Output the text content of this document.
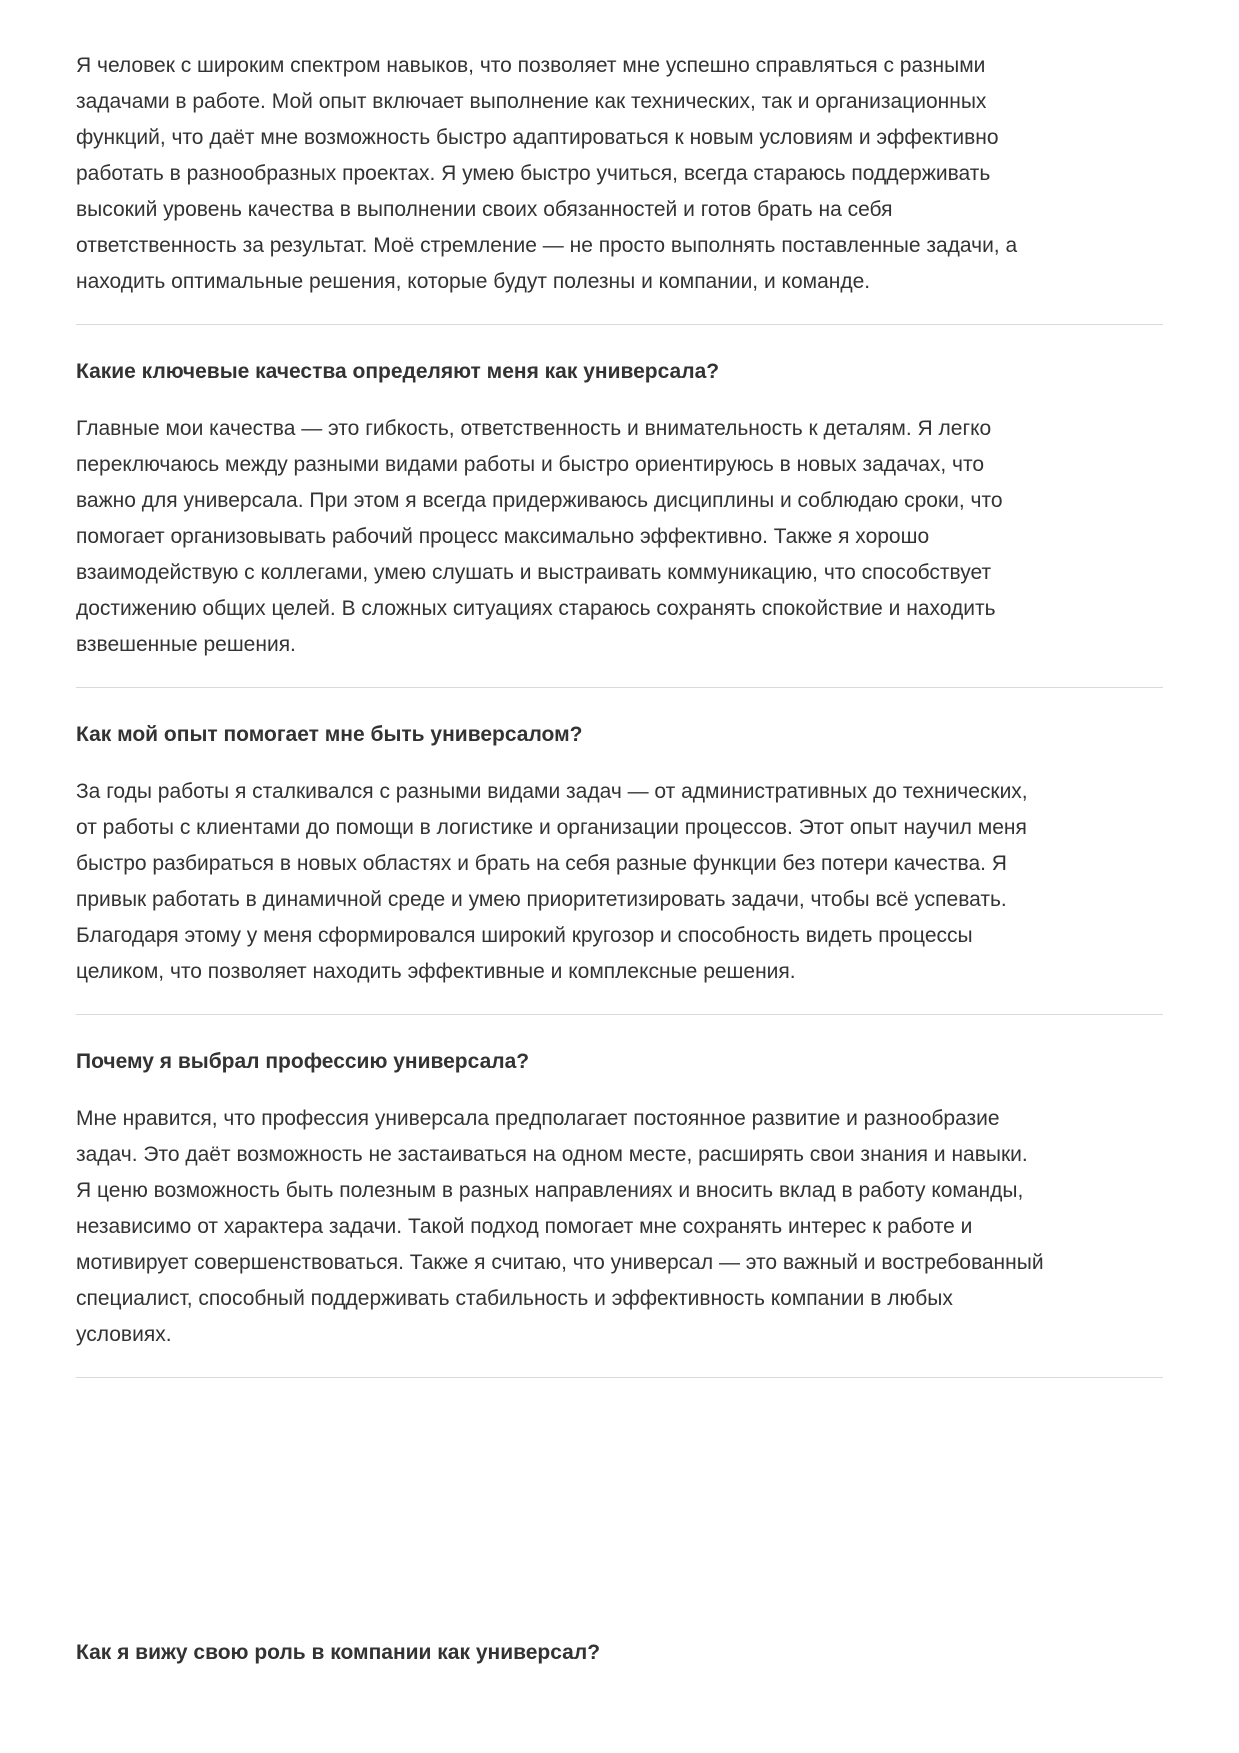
Я человек с широким спектром навыков, что позволяет мне успешно справляться с разными задачами в работе. Мой опыт включает выполнение как технических, так и организационных функций, что даёт мне возможность быстро адаптироваться к новым условиям и эффективно работать в разнообразных проектах. Я умею быстро учиться, всегда стараюсь поддерживать высокий уровень качества в выполнении своих обязанностей и готов брать на себя ответственность за результат. Моё стремление — не просто выполнять поставленные задачи, а находить оптимальные решения, которые будут полезны и компании, и команде.

Какие ключевые качества определяют меня как универсала?

Главные мои качества — это гибкость, ответственность и внимательность к деталям. Я легко переключаюсь между разными видами работы и быстро ориентируюсь в новых задачах, что важно для универсала. При этом я всегда придерживаюсь дисциплины и соблюдаю сроки, что помогает организовывать рабочий процесс максимально эффективно. Также я хорошо взаимодействую с коллегами, умею слушать и выстраивать коммуникацию, что способствует достижению общих целей. В сложных ситуациях стараюсь сохранять спокойствие и находить взвешенные решения.

Как мой опыт помогает мне быть универсалом?

За годы работы я сталкивался с разными видами задач — от административных до технических, от работы с клиентами до помощи в логистике и организации процессов. Этот опыт научил меня быстро разбираться в новых областях и брать на себя разные функции без потери качества. Я привык работать в динамичной среде и умею приоритетизировать задачи, чтобы всё успевать. Благодаря этому у меня сформировался широкий кругозор и способность видеть процессы целиком, что позволяет находить эффективные и комплексные решения.

Почему я выбрал профессию универсала?

Мне нравится, что профессия универсала предполагает постоянное развитие и разнообразие задач. Это даёт возможность не застаиваться на одном месте, расширять свои знания и навыки. Я ценю возможность быть полезным в разных направлениях и вносить вклад в работу команды, независимо от характера задачи. Такой подход помогает мне сохранять интерес к работе и мотивирует совершенствоваться. Также я считаю, что универсал — это важный и востребованный специалист, способный поддерживать стабильность и эффективность компании в любых условиях.

Как я вижу свою роль в компании как универсал?
